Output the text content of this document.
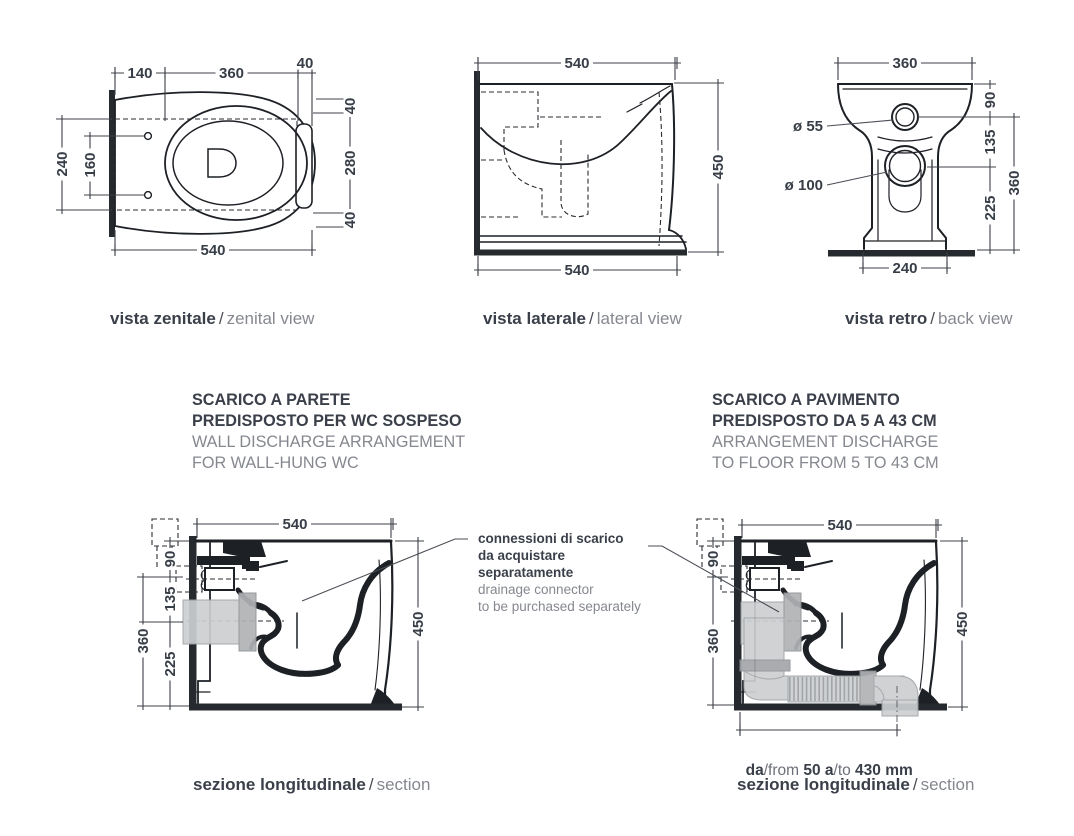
140	360
40
40
280
40
240 160
540
540
450
540
ø 55
ø 100
360
90
135
225
360
240
540
90
135
225
360
450
540
90
360
450
vista zenitale / zenital view	vista laterale / lateral view	vista retro / back view
SCARICO A PARETE
PREDISPOSTO PER WC SOSPESO
WALL DISCHARGE ARRANGEMENT
FOR WALL-HUNG WC
SCARICO A PAVIMENTO
PREDISPOSTO DA 5 A 43 CM
ARRANGEMENT DISCHARGE
TO FLOOR FROM 5 TO 43 CM
connessioni di scarico
da acquistare
separatamente
drainage connector
to be purchased separately

da/from 50 a/to 430 mm

sezione longitudinale / section	sezione longitudinale / section
